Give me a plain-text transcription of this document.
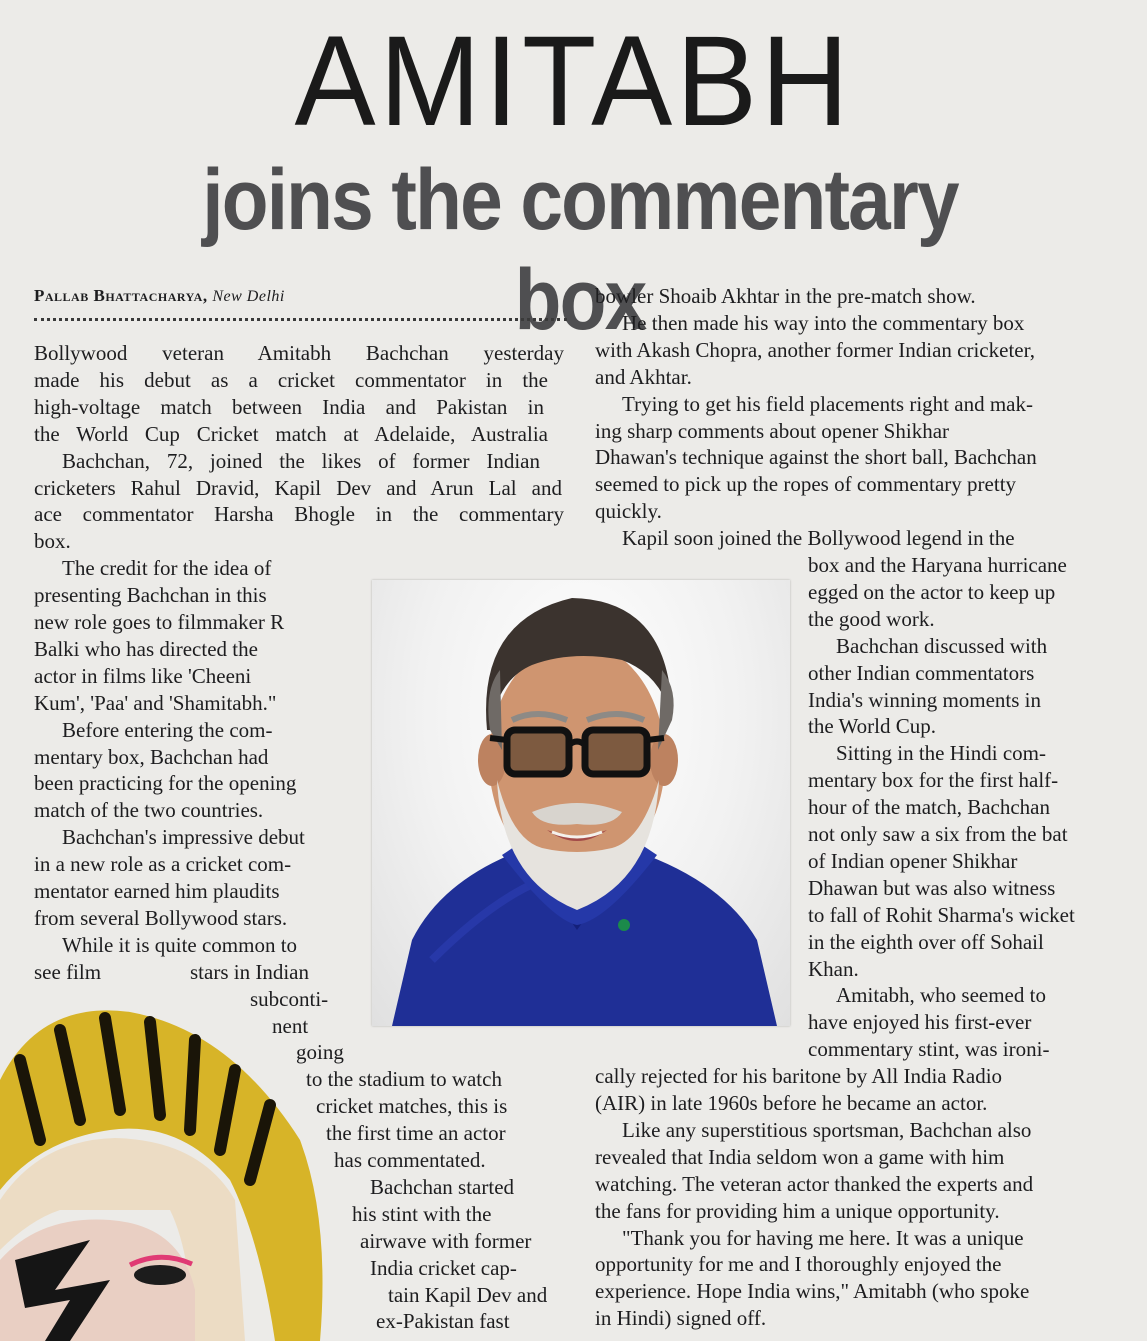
AMITABH
joins the commentary box
Pallab Bhattacharya, New Delhi
Bollywood veteran Amitabh Bachchan yesterday
made his debut as a cricket commentator in the
high-voltage match between India and Pakistan in
the World Cup Cricket match at Adelaide, Australia
Bachchan, 72, joined the likes of former Indian
cricketers Rahul Dravid, Kapil Dev and Arun Lal and
ace commentator Harsha Bhogle in the commentary
box.
The credit for the idea of
presenting Bachchan in this
new role goes to filmmaker R
Balki who has directed the
actor in films like 'Cheeni
Kum', 'Paa' and 'Shamitabh."
Before entering the com-
mentary box, Bachchan had
been practicing for the opening
match of the two countries.
Bachchan's impressive debut
in a new role as a cricket com-
mentator earned him plaudits
from several Bollywood stars.
While it is quite common to
see film	stars in Indian
subconti-
nent
going
to the stadium to watch
cricket matches, this is
the first time an actor
has commentated.
Bachchan started
his stint with the
airwave with former
India cricket cap-
tain Kapil Dev and
ex-Pakistan fast
bowler Shoaib Akhtar in the pre-match show.
He then made his way into the commentary box
with Akash Chopra, another former Indian cricketer,
and Akhtar.
Trying to get his field placements right and mak-
ing sharp comments about opener Shikhar
Dhawan's technique against the short ball, Bachchan
seemed to pick up the ropes of commentary pretty
quickly.
Kapil soon joined the Bollywood legend in the
box and the Haryana hurricane
egged on the actor to keep up
the good work.
Bachchan discussed with
other Indian commentators
India's winning moments in
the World Cup.
Sitting in the Hindi com-
mentary box for the first half-
hour of the match, Bachchan
not only saw a six from the bat
of Indian opener Shikhar
Dhawan but was also witness
to fall of Rohit Sharma's wicket
in the eighth over off Sohail
Khan.
Amitabh, who seemed to
have enjoyed his first-ever
commentary stint, was ironi-
cally rejected for his baritone by All India Radio
(AIR) in late 1960s before he became an actor.
Like any superstitious sportsman, Bachchan also
revealed that India seldom won a game with him
watching. The veteran actor thanked the experts and
the fans for providing him a unique opportunity.
"Thank you for having me here. It was a unique
opportunity for me and I thoroughly enjoyed the
experience. Hope India wins," Amitabh (who spoke
in Hindi) signed off.
